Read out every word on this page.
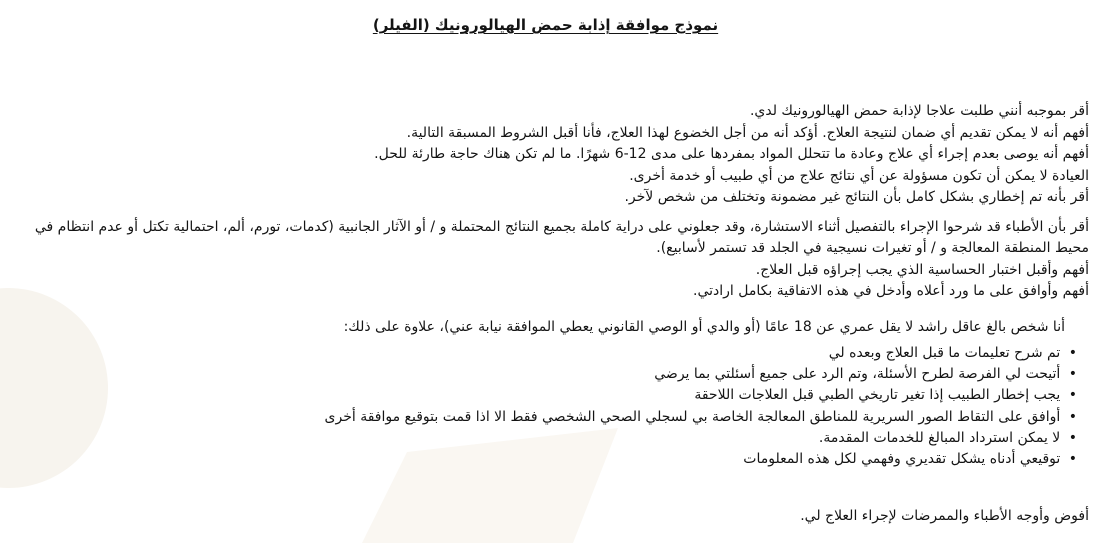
نموذج موافقة إذابة حمض الهيالورونيك (الفيلر)
أقر بموجبه أنني طلبت علاجا لإذابة حمض الهيالورونيك لدي.
أفهم أنه لا يمكن تقديم أي ضمان لنتيجة العلاج. أؤكد أنه من أجل الخضوع لهذا العلاج، فأنا أقبل الشروط المسبقة التالية.
أفهم أنه يوصى بعدم إجراء أي علاج وعادة ما تتحلل المواد بمفردها على مدى 12-6 شهرًا. ما لم تكن هناك حاجة طارئة للحل.
العيادة لا يمكن أن تكون مسؤولة عن أي نتائج علاج من أي طبيب أو خدمة أخرى.
أقر بأنه تم إخطاري بشكل كامل بأن النتائج غير مضمونة وتختلف من شخص لآخر.
أقر بأن الأطباء قد شرحوا الإجراء بالتفصيل أثناء الاستشارة، وقد جعلوني على دراية كاملة بجميع النتائج المحتملة و / أو الآثار الجانبية (كدمات، تورم، ألم، احتمالية تكتل أو عدم انتظام في محيط المنطقة المعالجة و / أو تغيرات نسيجية في الجلد قد تستمر لأسابيع).
أفهم وأقبل اختبار الحساسية الذي يجب إجراؤه قبل العلاج.
أفهم وأوافق على ما ورد أعلاه وأدخل في هذه الاتفاقية بكامل ارادتي.
أنا شخص بالغ عاقل راشد لا يقل عمري عن 18 عامًا (أو والدي أو الوصي القانوني يعطي الموافقة نيابة عني)، علاوة على ذلك:
• تم شرح تعليمات ما قبل العلاج وبعده لي
• أتيحت لي الفرصة لطرح الأسئلة، وتم الرد على جميع أسئلتي بما يرضي
• يجب إخطار الطبيب إذا تغير تاريخي الطبي قبل العلاجات اللاحقة
• أوافق على التقاط الصور السريرية للمناطق المعالجة الخاصة بي لسجلي الصحي الشخصي فقط الا اذا قمت بتوقيع موافقة أخرى
• لا يمكن استرداد المبالغ للخدمات المقدمة.
• توقيعي أدناه يشكل تقديري وفهمي لكل هذه المعلومات
أفوض وأوجه الأطباء والممرضات لإجراء العلاج لي.
